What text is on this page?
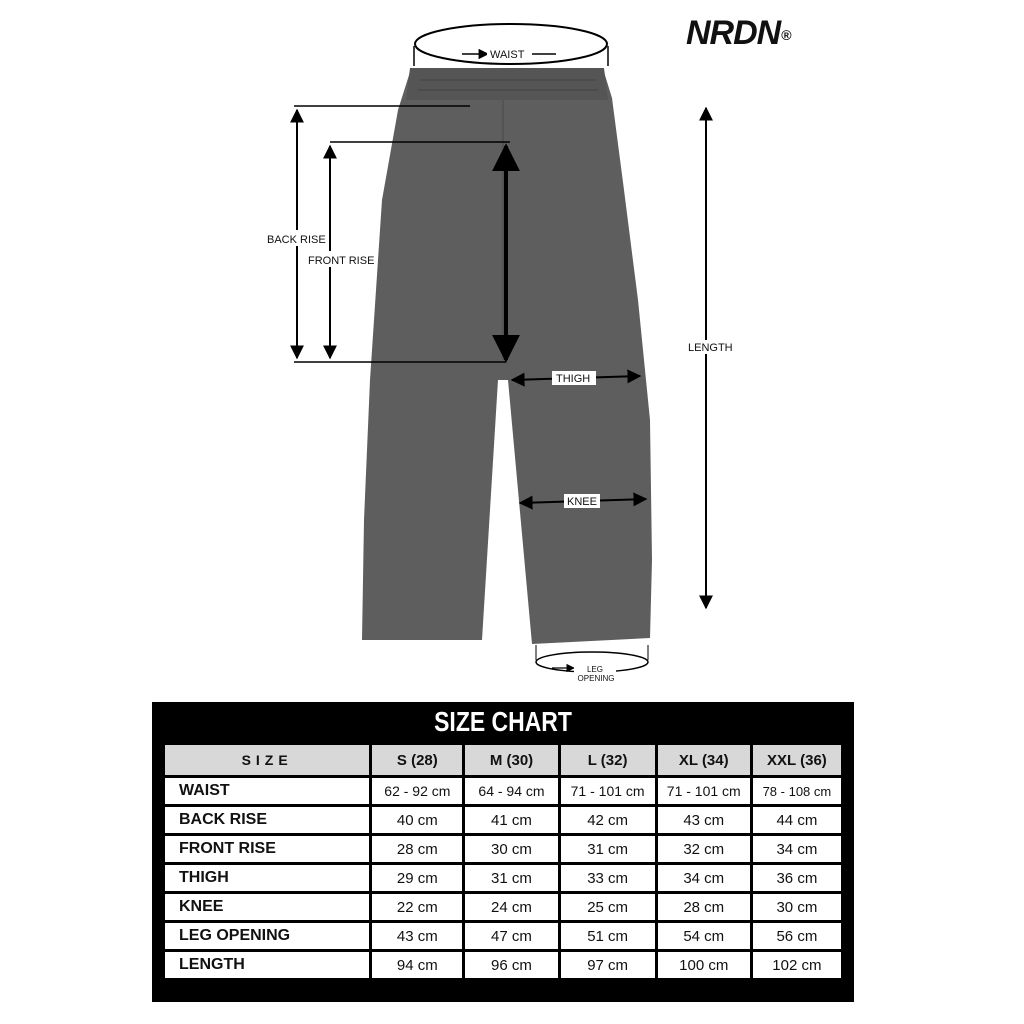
WAIST
BACK RISE
FRONT RISE
THIGH
KNEE
LENGTH
LEG
OPENING
NRDN®
SIZE CHART
SIZE	S (28)	M (30)	L (32)	XL (34)	XXL (36)
WAIST	62 - 92 cm	64 - 94 cm	71 - 101 cm	71 - 101 cm	78 - 108 cm
BACK RISE	40 cm	41 cm	42 cm	43 cm	44 cm
FRONT RISE	28 cm	30 cm	31 cm	32 cm	34 cm
THIGH	29 cm	31 cm	33 cm	34 cm	36 cm
KNEE	22 cm	24 cm	25 cm	28 cm	30 cm
LEG OPENING	43 cm	47 cm	51 cm	54 cm	56 cm
LENGTH	94 cm	96 cm	97 cm	100 cm	102 cm
